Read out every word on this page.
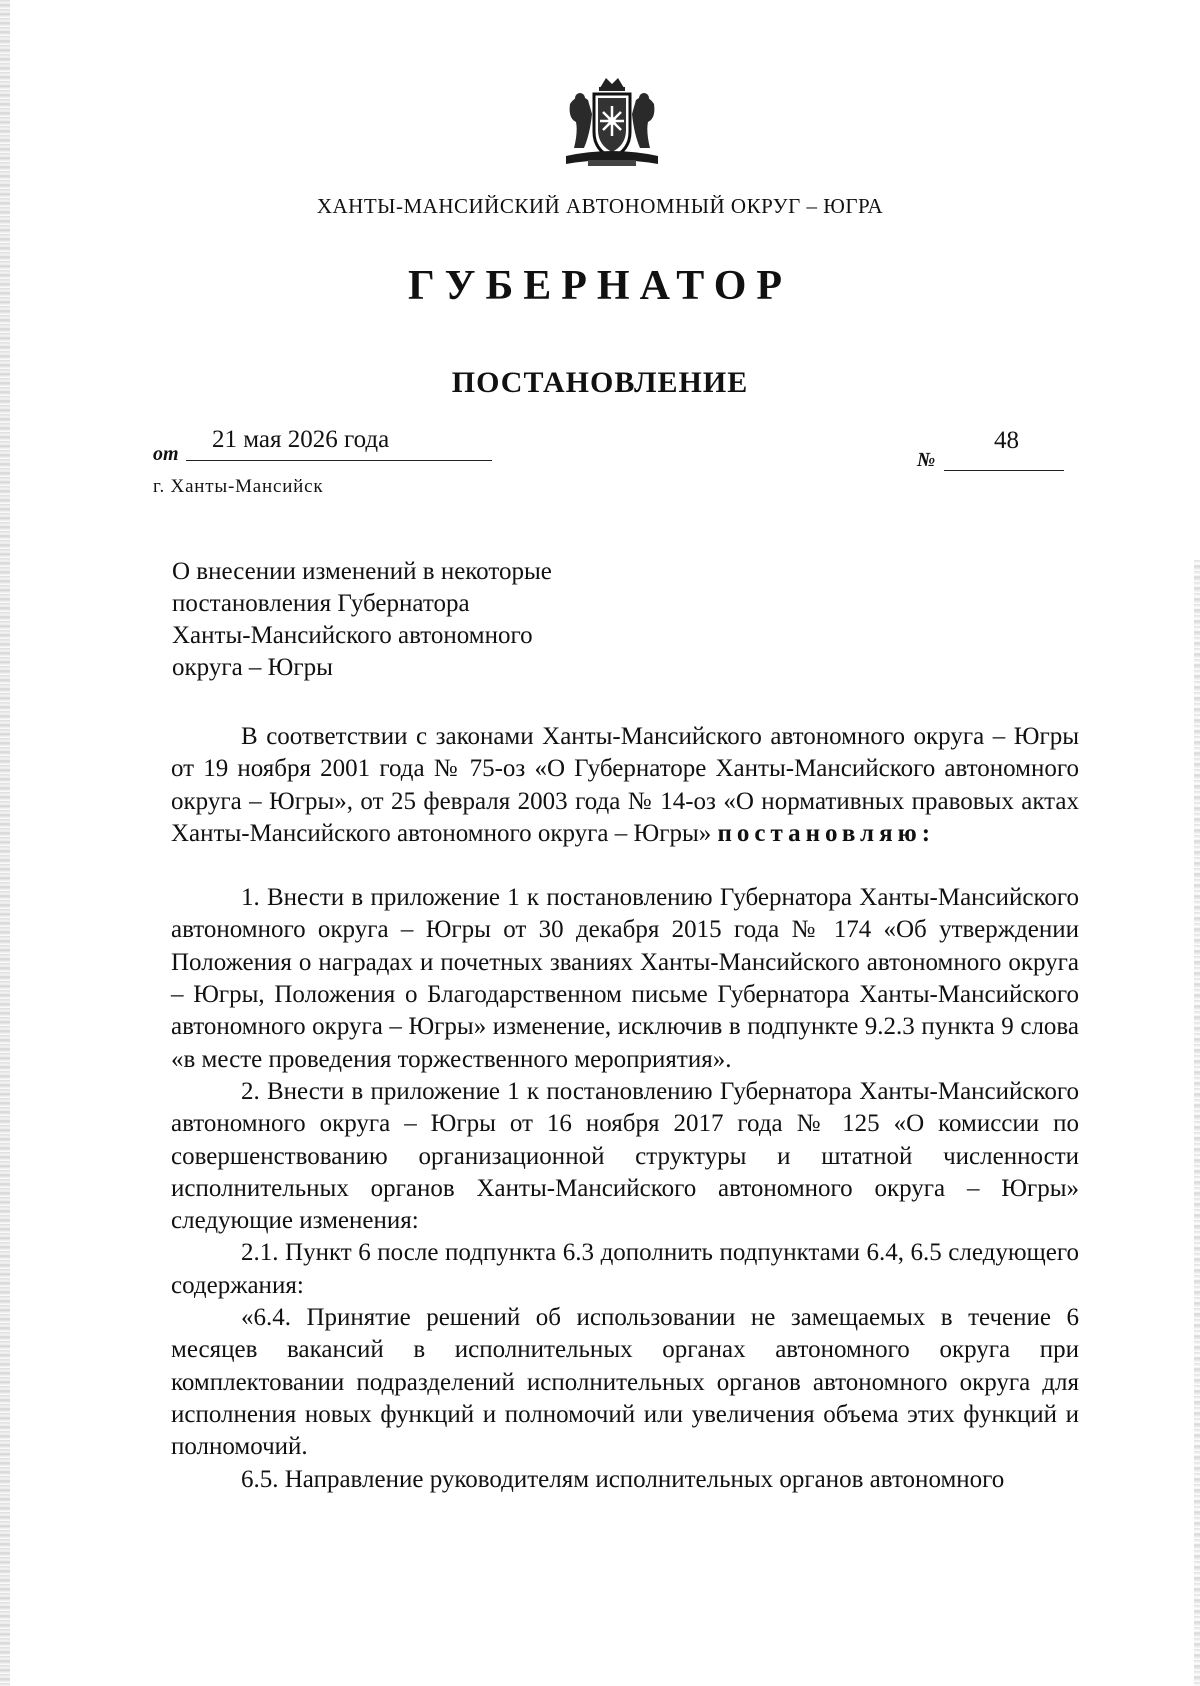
ХАНТЫ-МАНСИЙСКИЙ АВТОНОМНЫЙ ОКРУГ – ЮГРА
ГУБЕРНАТОР
ПОСТАНОВЛЕНИЕ
от
21 мая 2026 года
№
48
г. Ханты-Мансийск
О внесении изменений в некоторые
постановления Губернатора
Ханты-Мансийского автономного
округа – Югры

В соответствии с законами Ханты-Мансийского автономного округа – Югры от 19 ноября 2001 года № 75-оз «О Губернаторе Ханты-Мансийского автономного округа – Югры», от 25 февраля 2003 года № 14-оз «О нормативных правовых актах Ханты-Мансийского автономного округа – Югры» постановляю:

1. Внести в приложение 1 к постановлению Губернатора Ханты-Мансийского автономного округа – Югры от 30 декабря 2015 года № 174 «Об утверждении Положения о наградах и почетных званиях Ханты-Мансийского автономного округа – Югры, Положения о Благодарственном письме Губернатора Ханты-Мансийского автономного округа – Югры» изменение, исключив в подпункте 9.2.3 пункта 9 слова «в месте проведения торжественного мероприятия».

2. Внести в приложение 1 к постановлению Губернатора Ханты-Мансийского автономного округа – Югры от 16 ноября 2017 года № 125 «О комиссии по совершенствованию организационной структуры и штатной численности исполнительных органов Ханты-Мансийского автономного округа – Югры» следующие изменения:

2.1. Пункт 6 после подпункта 6.3 дополнить подпунктами 6.4, 6.5 следующего содержания:

«6.4. Принятие решений об использовании не замещаемых в течение 6 месяцев вакансий в исполнительных органах автономного округа при комплектовании подразделений исполнительных органов автономного округа для исполнения новых функций и полномочий или увеличения объема этих функций и полномочий.

6.5. Направление руководителям исполнительных органов автономного
